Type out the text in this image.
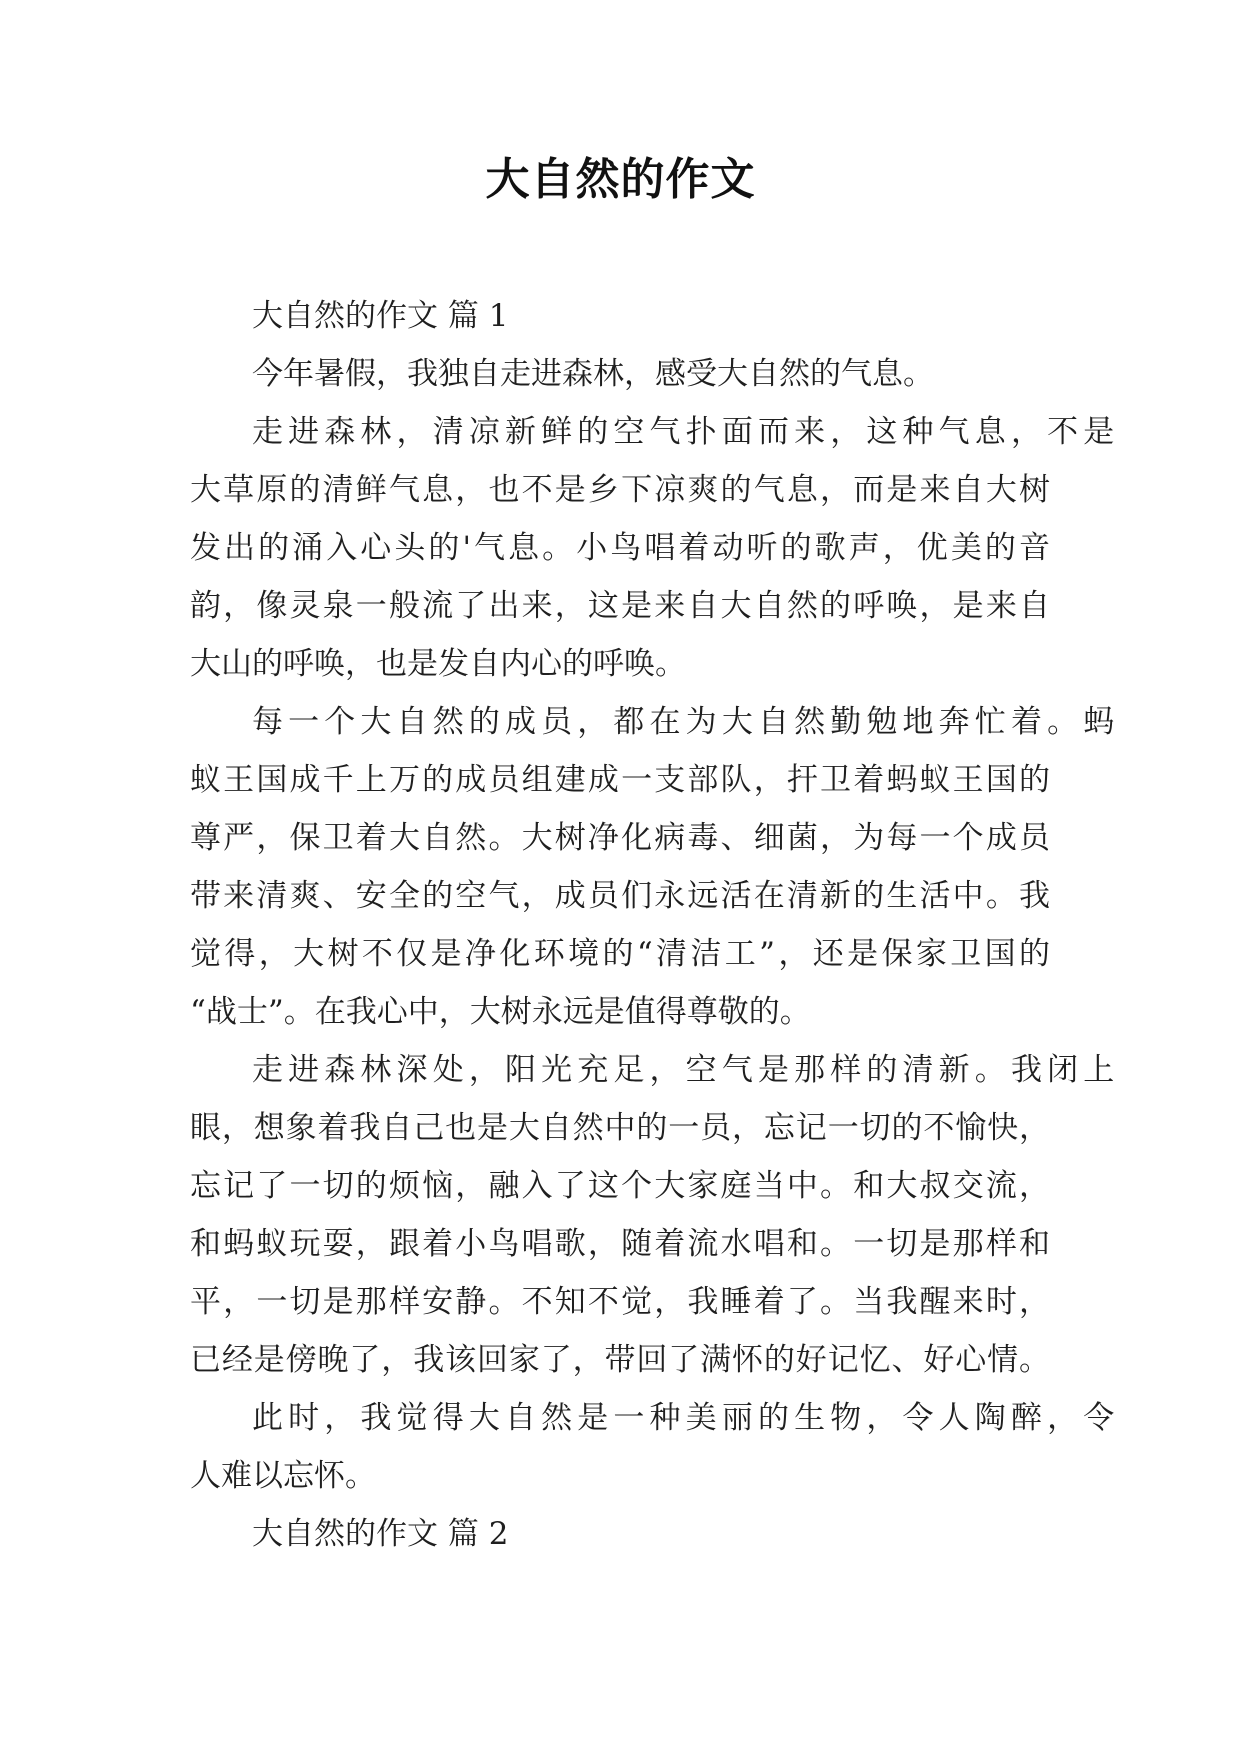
大自然的作文
大自然的作文 篇 1
今年暑假，我独自走进森林，感受大自然的气息。
走进森林，清凉新鲜的空气扑面而来，这种气息，不是
大草原的清鲜气息，也不是乡下凉爽的气息，而是来自大树
发出的涌入心头的'气息。小鸟唱着动听的歌声，优美的音
韵，像灵泉一般流了出来，这是来自大自然的呼唤，是来自
大山的呼唤，也是发自内心的呼唤。
每一个大自然的成员，都在为大自然勤勉地奔忙着。蚂
蚁王国成千上万的成员组建成一支部队，扞卫着蚂蚁王国的
尊严，保卫着大自然。大树净化病毒、细菌，为每一个成员
带来清爽、安全的空气，成员们永远活在清新的生活中。我
觉得，大树不仅是净化环境的“清洁工”，还是保家卫国的
“战士”。在我心中，大树永远是值得尊敬的。
走进森林深处，阳光充足，空气是那样的清新。我闭上
眼，想象着我自己也是大自然中的一员，忘记一切的不愉快，
忘记了一切的烦恼，融入了这个大家庭当中。和大叔交流，
和蚂蚁玩耍，跟着小鸟唱歌，随着流水唱和。一切是那样和
平，一切是那样安静。不知不觉，我睡着了。当我醒来时，
已经是傍晚了，我该回家了，带回了满怀的好记忆、好心情。
此时，我觉得大自然是一种美丽的生物，令人陶醉，令
人难以忘怀。
大自然的作文 篇 2
